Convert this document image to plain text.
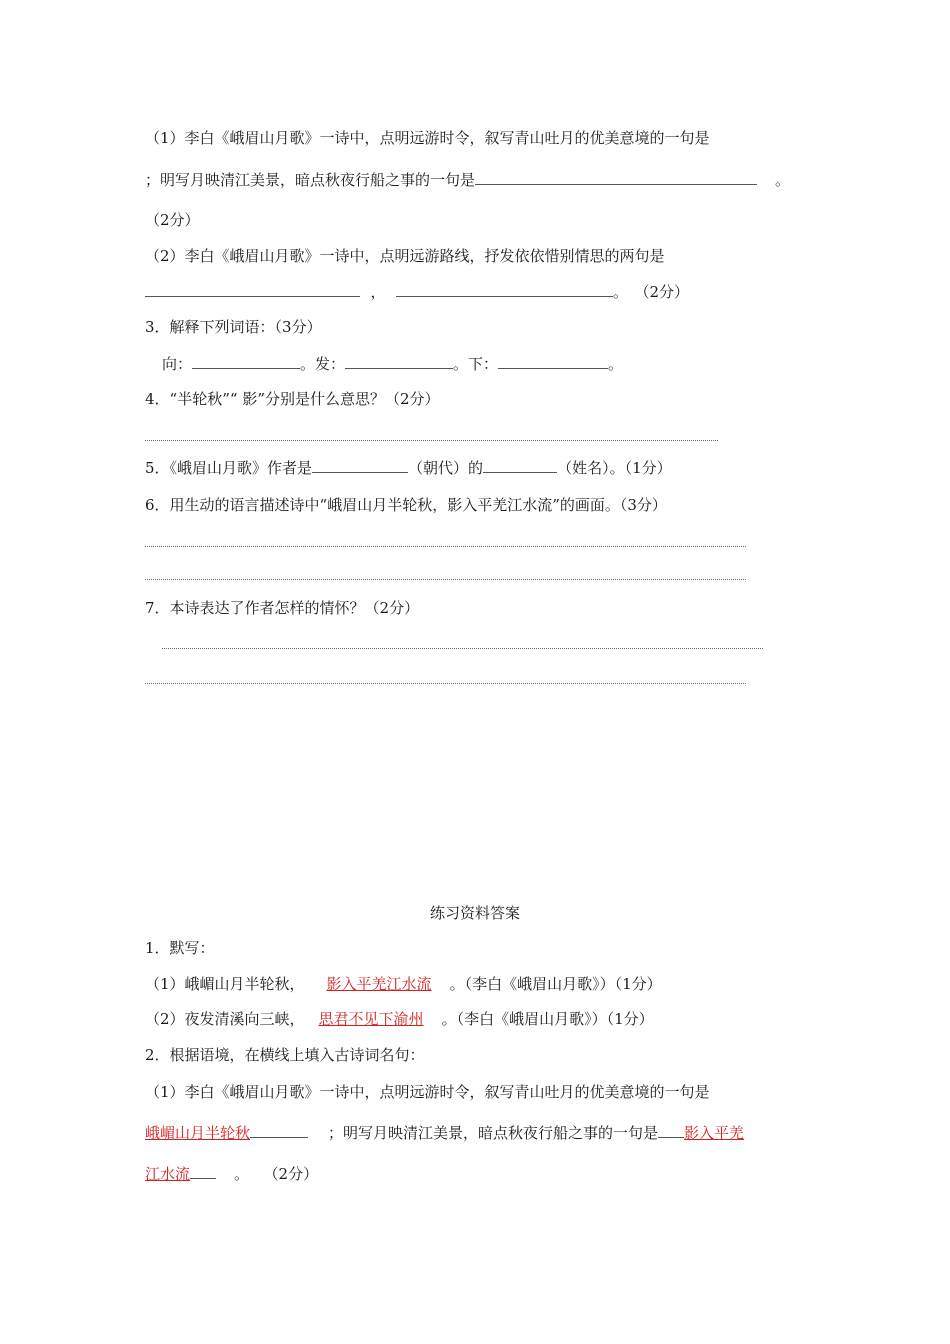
（1）李白《峨眉山月歌》一诗中，点明远游时令，叙写青山吐月的优美意境的一句是
；明写月映清江美景，暗点秋夜行船之事的一句是	。
（2分）
（2）李白《峨眉山月歌》一诗中，点明远游路线，抒发依依惜别情思的两句是
，	。 （2分）
3．解释下列词语：（3分）
向：	。发：	。下：	。
4．“半轮秋”“ 影”分别是什么意思？（2分）
5．《峨眉山月歌》作者是	（朝代）的	（姓名）。（1分）
6．用生动的语言描述诗中“峨眉山月半轮秋，影入平羌江水流”的画面。（3分）
7．本诗表达了作者怎样的情怀？（2分）
练习资料答案
1．默写：
（1）峨嵋山月半轮秋， 影入平羌江水流 。（李白《峨眉山月歌》）（1分）
（2）夜发清溪向三峡， 思君不见下渝州 。（李白《峨眉山月歌》）（1分）
2．根据语境，在横线上填入古诗词名句：
（1）李白《峨眉山月歌》一诗中，点明远游时令，叙写青山吐月的优美意境的一句是
峨嵋山月半轮秋	；明写月映清江美景，暗点秋夜行船之事的一句是 影入平羌
江水流	。 （2分）
